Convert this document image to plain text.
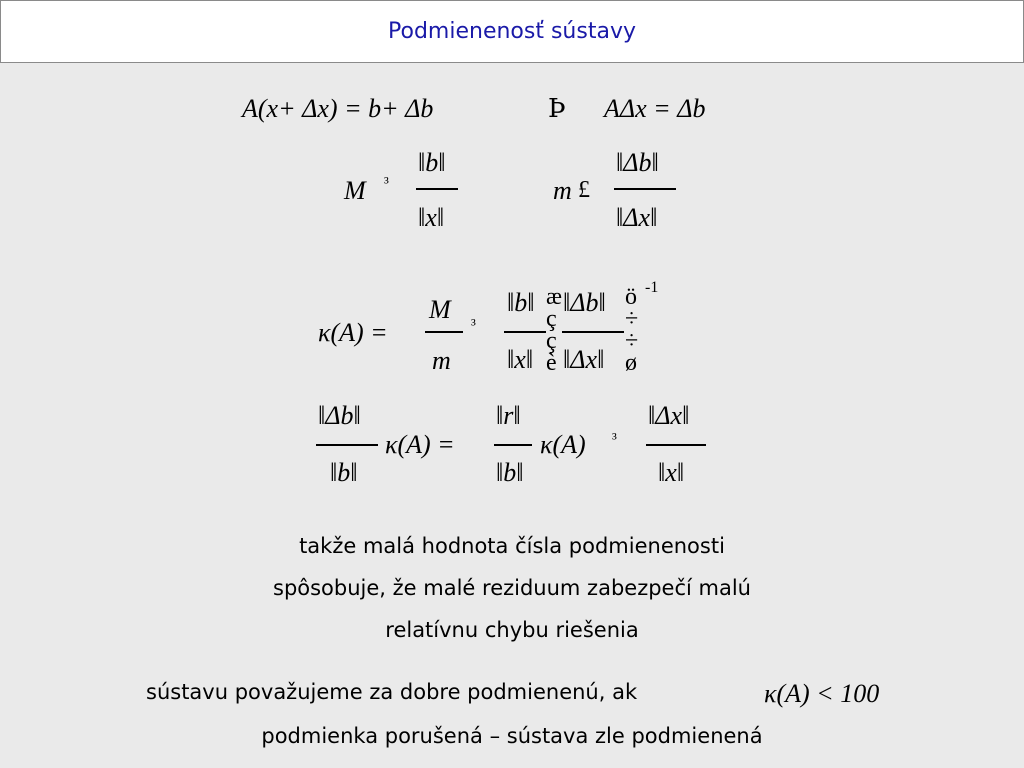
Podmienenosť sústavy
A(x+ Δx) = b+ Δb	Þ AΔx = Δb
M ³
‖b‖
‖x‖
m £
‖Δb‖
‖Δx‖
κ(A) =
M
m
³
‖b‖
‖x‖
æ ç ç è
‖Δb‖
‖Δx‖
ö ÷ ÷ ø
-1
‖Δb‖
‖b‖
κ(A) =
‖r‖
‖b‖
κ(A) ³
‖Δx‖
‖x‖
takže malá hodnota čísla podmienenosti
spôsobuje, že malé reziduum zabezpečí malú
relatívnu chybu riešenia
sústavu považujeme za dobre podmienenú, ak	κ(A) < 100
podmienka porušená – sústava zle podmienená
